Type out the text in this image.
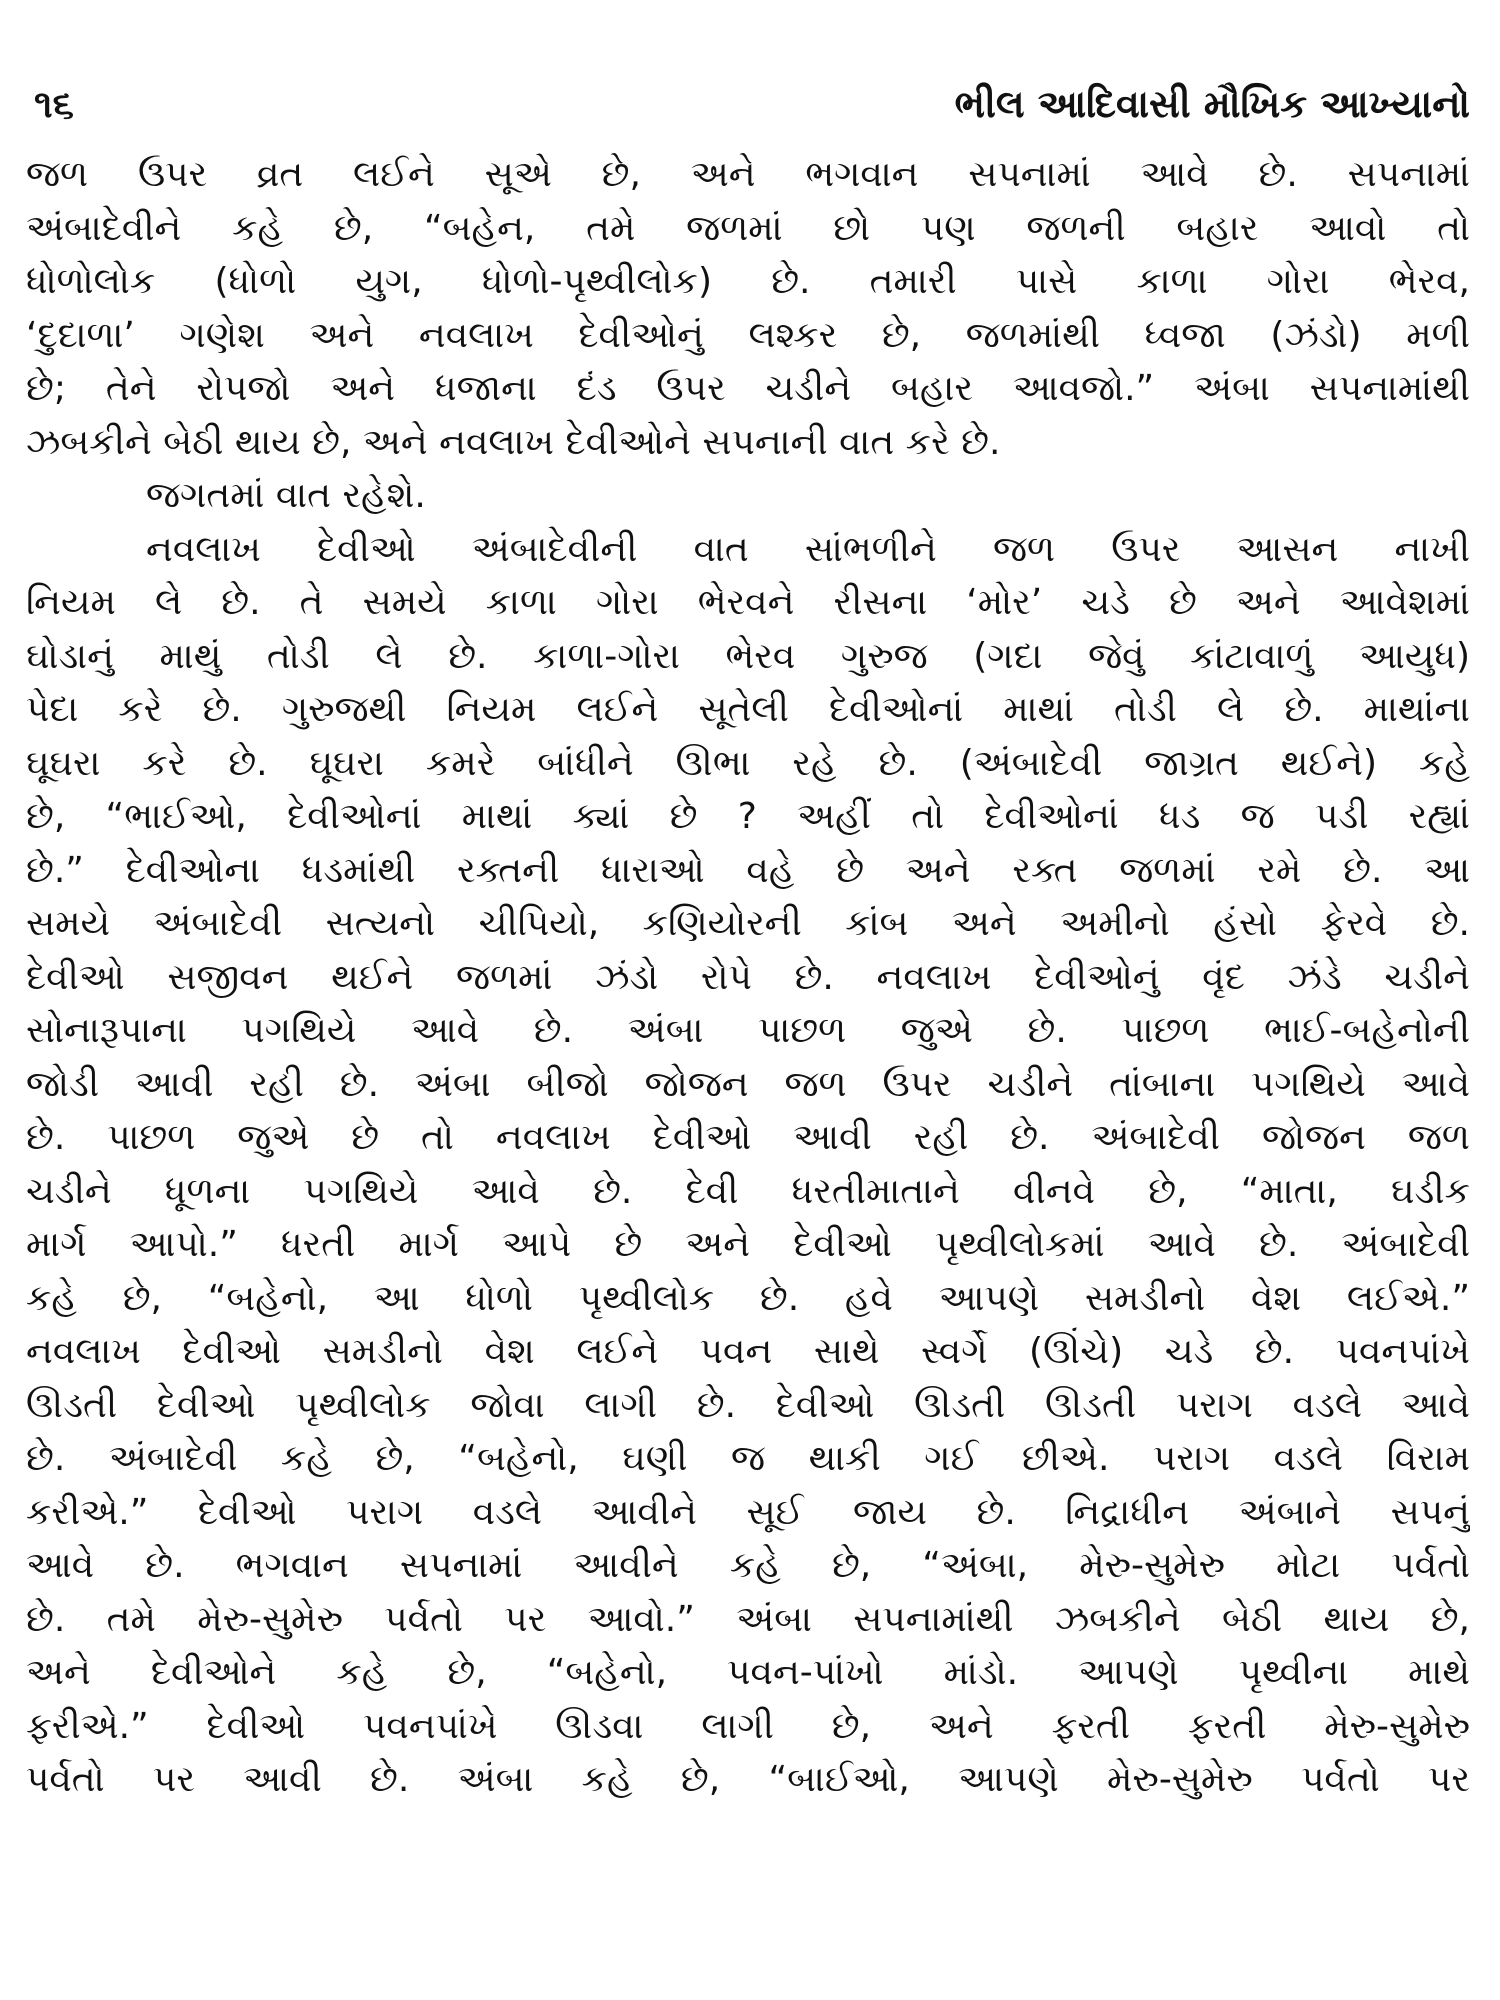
૧૬	ભીલ આદિવાસી મૌખિક આખ્યાનો
જળ ઉપર વ્રત લઈને સૂએ છે, અને ભગવાન સપનામાં આવે છે. સપનામાં
અંબાદેવીને કહે છે, “બહેન, તમે જળમાં છો પણ જળની બહાર આવો તો
ધોળોલોક (ધોળો યુગ, ધોળો-પૃથ્વીલોક) છે. તમારી પાસે કાળા ગોરા ભેરવ,
‘દુદાળા’ ગણેશ અને નવલાખ દેવીઓનું લશ્કર છે, જળમાંથી ધ્વજા (ઝંડો) મળી
છે; તેને રોપજો અને ધજાના દંડ ઉપર ચડીને બહાર આવજો.” અંબા સપનામાંથી
ઝબકીને બેઠી થાય છે, અને નવલાખ દેવીઓને સપનાની વાત કરે છે.
જગતમાં વાત રહેશે.
નવલાખ દેવીઓ અંબાદેવીની વાત સાંભળીને જળ ઉપર આસન નાખી
નિયમ લે છે. તે સમયે કાળા ગોરા ભેરવને રીસના ‘મોર’ ચડે છે અને આવેશમાં
ઘોડાનું માથું તોડી લે છે. કાળા-ગોરા ભેરવ ગુરુજ (ગદા જેવું કાંટાવાળું આયુધ)
પેદા કરે છે. ગુરુજથી નિયમ લઈને સૂતેલી દેવીઓનાં માથાં તોડી લે છે. માથાંના
ઘૂઘરા કરે છે. ઘૂઘરા કમરે બાંધીને ઊભા રહે છે. (અંબાદેવી જાગ્રત થઈને) કહે
છે, “ભાઈઓ, દેવીઓનાં માથાં ક્યાં છે ? અહીં તો દેવીઓનાં ધડ જ પડી રહ્યાં
છે.” દેવીઓના ધડમાંથી રક્તની ધારાઓ વહે છે અને રક્ત જળમાં રમે છે. આ
સમયે અંબાદેવી સત્યનો ચીપિયો, કણિયોરની કાંબ અને અમીનો હંસો ફેરવે છે.
દેવીઓ સજીવન થઈને જળમાં ઝંડો રોપે છે. નવલાખ દેવીઓનું વૃંદ ઝંડે ચડીને
સોનારૂપાના પગથિયે આવે છે. અંબા પાછળ જુએ છે. પાછળ ભાઈ-બહેનોની
જોડી આવી રહી છે. અંબા બીજો જોજન જળ ઉપર ચડીને તાંબાના પગથિયે આવે
છે. પાછળ જુએ છે તો નવલાખ દેવીઓ આવી રહી છે. અંબાદેવી જોજન જળ
ચડીને ધૂળના પગથિયે આવે છે. દેવી ધરતીમાતાને વીનવે છે, “માતા, ઘડીક
માર્ગ આપો.” ધરતી માર્ગ આપે છે અને દેવીઓ પૃથ્વીલોકમાં આવે છે. અંબાદેવી
કહે છે, “બહેનો, આ ધોળો પૃથ્વીલોક છે. હવે આપણે સમડીનો વેશ લઈએ.”
નવલાખ દેવીઓ સમડીનો વેશ લઈને પવન સાથે સ્વર્ગે (ઊંચે) ચડે છે. પવનપાંખે
ઊડતી દેવીઓ પૃથ્વીલોક જોવા લાગી છે. દેવીઓ ઊડતી ઊડતી પરાગ વડલે આવે
છે. અંબાદેવી કહે છે, “બહેનો, ઘણી જ થાકી ગઈ છીએ. પરાગ વડલે વિરામ
કરીએ.” દેવીઓ પરાગ વડલે આવીને સૂઈ જાય છે. નિદ્રાધીન અંબાને સપનું
આવે છે. ભગવાન સપનામાં આવીને કહે છે, “અંબા, મેરુ-સુમેરુ મોટા પર્વતો
છે. તમે મેરુ-સુમેરુ પર્વતો પર આવો.” અંબા સપનામાંથી ઝબકીને બેઠી થાય છે,
અને દેવીઓને કહે છે, “બહેનો, પવન-પાંખો માંડો. આપણે પૃથ્વીના માથે
ફરીએ.” દેવીઓ પવનપાંખે ઊડવા લાગી છે, અને ફરતી ફરતી મેરુ-સુમેરુ
પર્વતો પર આવી છે. અંબા કહે છે, “બાઈઓ, આપણે મેરુ-સુમેરુ પર્વતો પર
